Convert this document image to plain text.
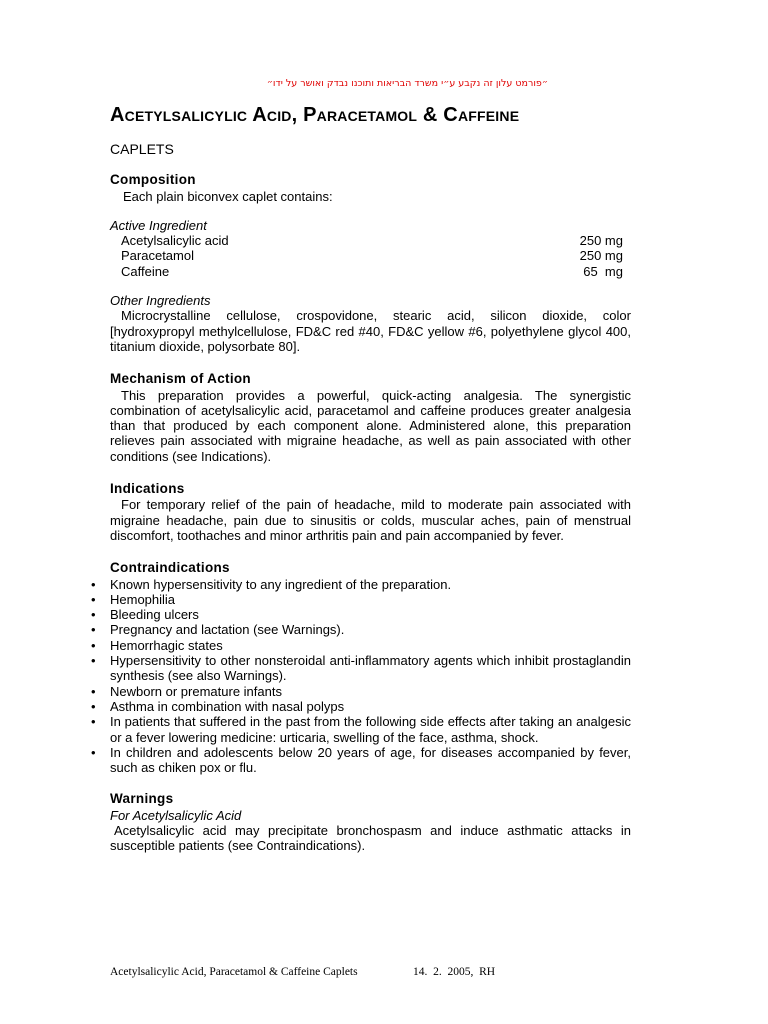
״פורמט עלון זה נקבע ע״י משרד הבריאות ותוכנו נבדק ואושר על ידו״
Acetylsalicylic Acid, Paracetamol & Caffeine
CAPLETS
Composition

Each plain biconvex caplet contains:

Active Ingredient

Acetylsalicylic acid	250 mg
Paracetamol	250 mg
Caffeine	65  mg

Other Ingredients

Microcrystalline cellulose, crospovidone, stearic acid, silicon dioxide, color [hydroxypropyl methylcellulose, FD&C red #40, FD&C yellow #6, polyethylene glycol 400, titanium dioxide, polysorbate 80].

Mechanism of Action

This preparation provides a powerful, quick-acting analgesia. The synergistic combination of acetylsalicylic acid, paracetamol and caffeine produces greater analgesia than that produced by each component alone. Administered alone, this preparation relieves pain associated with migraine headache, as well as pain associated with other conditions (see Indications).

Indications

For temporary relief of the pain of headache, mild to moderate pain associated with migraine headache, pain due to sinusitis or colds, muscular aches, pain of menstrual discomfort, toothaches and minor arthritis pain and pain accompanied by fever.

Contraindications
• Known hypersensitivity to any ingredient of the preparation.
• Hemophilia
• Bleeding ulcers
• Pregnancy and lactation (see Warnings).
• Hemorrhagic states
• Hypersensitivity to other nonsteroidal anti-inflammatory agents which inhibit prostaglandin synthesis (see also Warnings).
• Newborn or premature infants
• Asthma in combination with nasal polyps
• In patients that suffered in the past from the following side effects after taking an analgesic or a fever lowering medicine: urticaria, swelling of the face, asthma, shock.
• In children and adolescents below 20 years of age, for diseases accompanied by fever, such as chiken pox or flu.
Warnings

For Acetylsalicylic Acid

Acetylsalicylic acid may precipitate bronchospasm and induce asthmatic attacks in susceptible patients (see Contraindications).

Acetylsalicylic Acid, Paracetamol & Caffeine Caplets	14.  2.  2005,  RH
